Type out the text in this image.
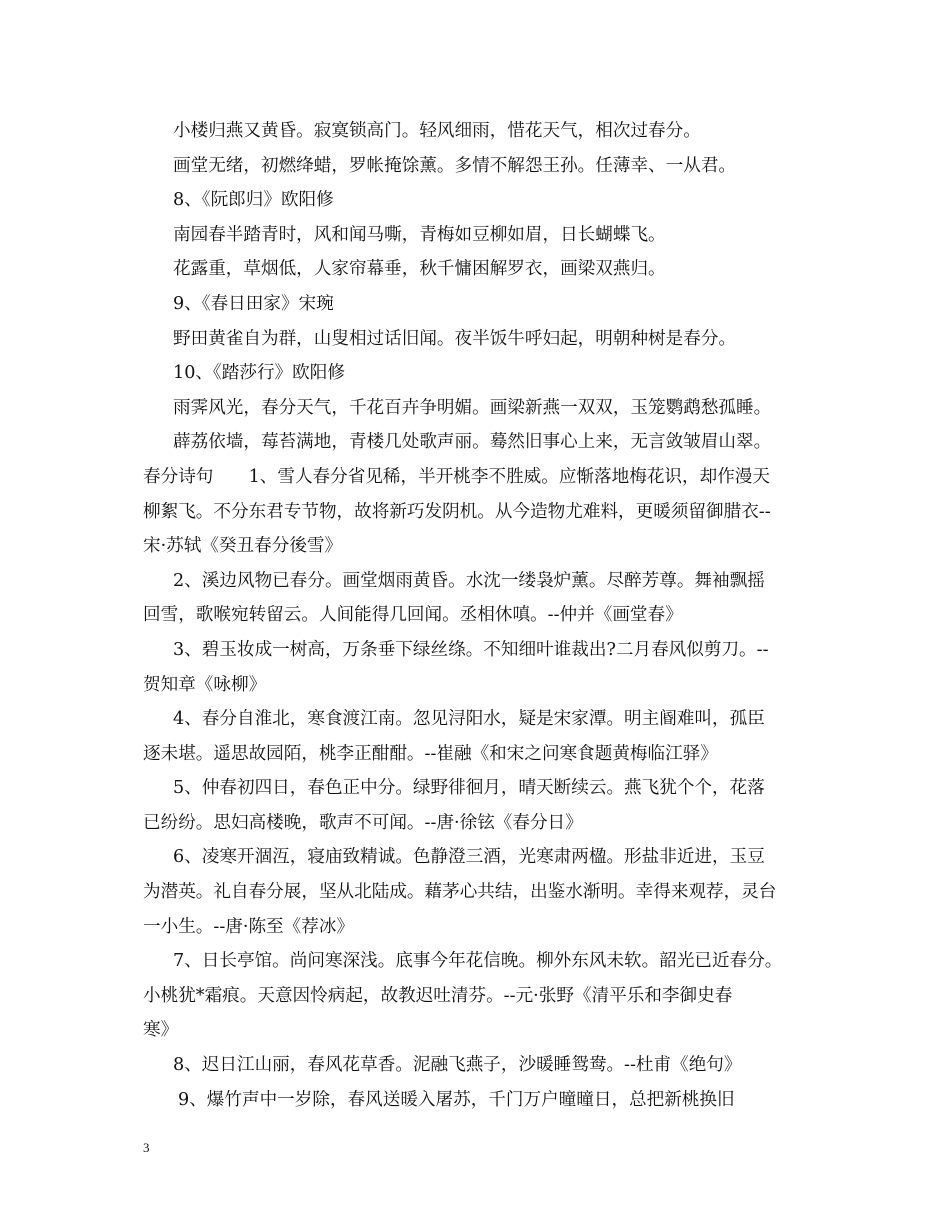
小楼归燕又黄昏。寂寞锁高门。轻风细雨，惜花天气，相次过春分。

画堂无绪，初燃绛蜡，罗帐掩馀薰。多情不解怨王孙。任薄幸、一从君。

8、《阮郎归》欧阳修

南园春半踏青时，风和闻马嘶，青梅如豆柳如眉，日长蝴蝶飞。

花露重，草烟低，人家帘幕垂，秋千慵困解罗衣，画梁双燕归。

9、《春日田家》宋琬

野田黄雀自为群，山叟相过话旧闻。夜半饭牛呼妇起，明朝种树是春分。

10、《踏莎行》欧阳修

雨霁风光，春分天气，千花百卉争明媚。画梁新燕一双双，玉笼鹦鹉愁孤睡。

薜荔依墙，莓苔满地，青楼几处歌声丽。蓦然旧事心上来，无言敛皱眉山翠。

春分诗句　　1、雪人春分省见稀，半开桃李不胜威。应惭落地梅花识，却作漫天

柳絮飞。不分东君专节物，故将新巧发阴机。从今造物尤难料，更暖须留御腊衣--

宋·苏轼《癸丑春分後雪》

2、溪边风物已春分。画堂烟雨黄昏。水沈一缕袅炉薰。尽醉芳尊。舞袖飘摇

回雪，歌喉宛转留云。人间能得几回闻。丞相休嗔。--仲并《画堂春》

3、碧玉妆成一树高，万条垂下绿丝绦。不知细叶谁裁出?二月春风似剪刀。--

贺知章《咏柳》

4、春分自淮北，寒食渡江南。忽见浔阳水，疑是宋家潭。明主阍难叫，孤臣

逐未堪。遥思故园陌，桃李正酣酣。--崔融《和宋之问寒食题黄梅临江驿》

5、仲春初四日，春色正中分。绿野徘徊月，晴天断续云。燕飞犹个个，花落

已纷纷。思妇高楼晚，歌声不可闻。--唐·徐铉《春分日》

6、凌寒开涸沍，寝庙致精诚。色静澄三酒，光寒肃两楹。形盐非近进，玉豆

为潜英。礼自春分展，坚从北陆成。藉茅心共结，出鉴水渐明。幸得来观荐，灵台

一小生。--唐·陈至《荐冰》

7、日长亭馆。尚问寒深浅。底事今年花信晚。柳外东风未软。韶光已近春分。

小桃犹*霜痕。天意因怜病起，故教迟吐清芬。--元·张野《清平乐和李御史春

寒》

8、迟日江山丽，春风花草香。泥融飞燕子，沙暖睡鸳鸯。--杜甫《绝句》

9、爆竹声中一岁除，春风送暖入屠苏，千门万户曈曈日，总把新桃换旧

3
